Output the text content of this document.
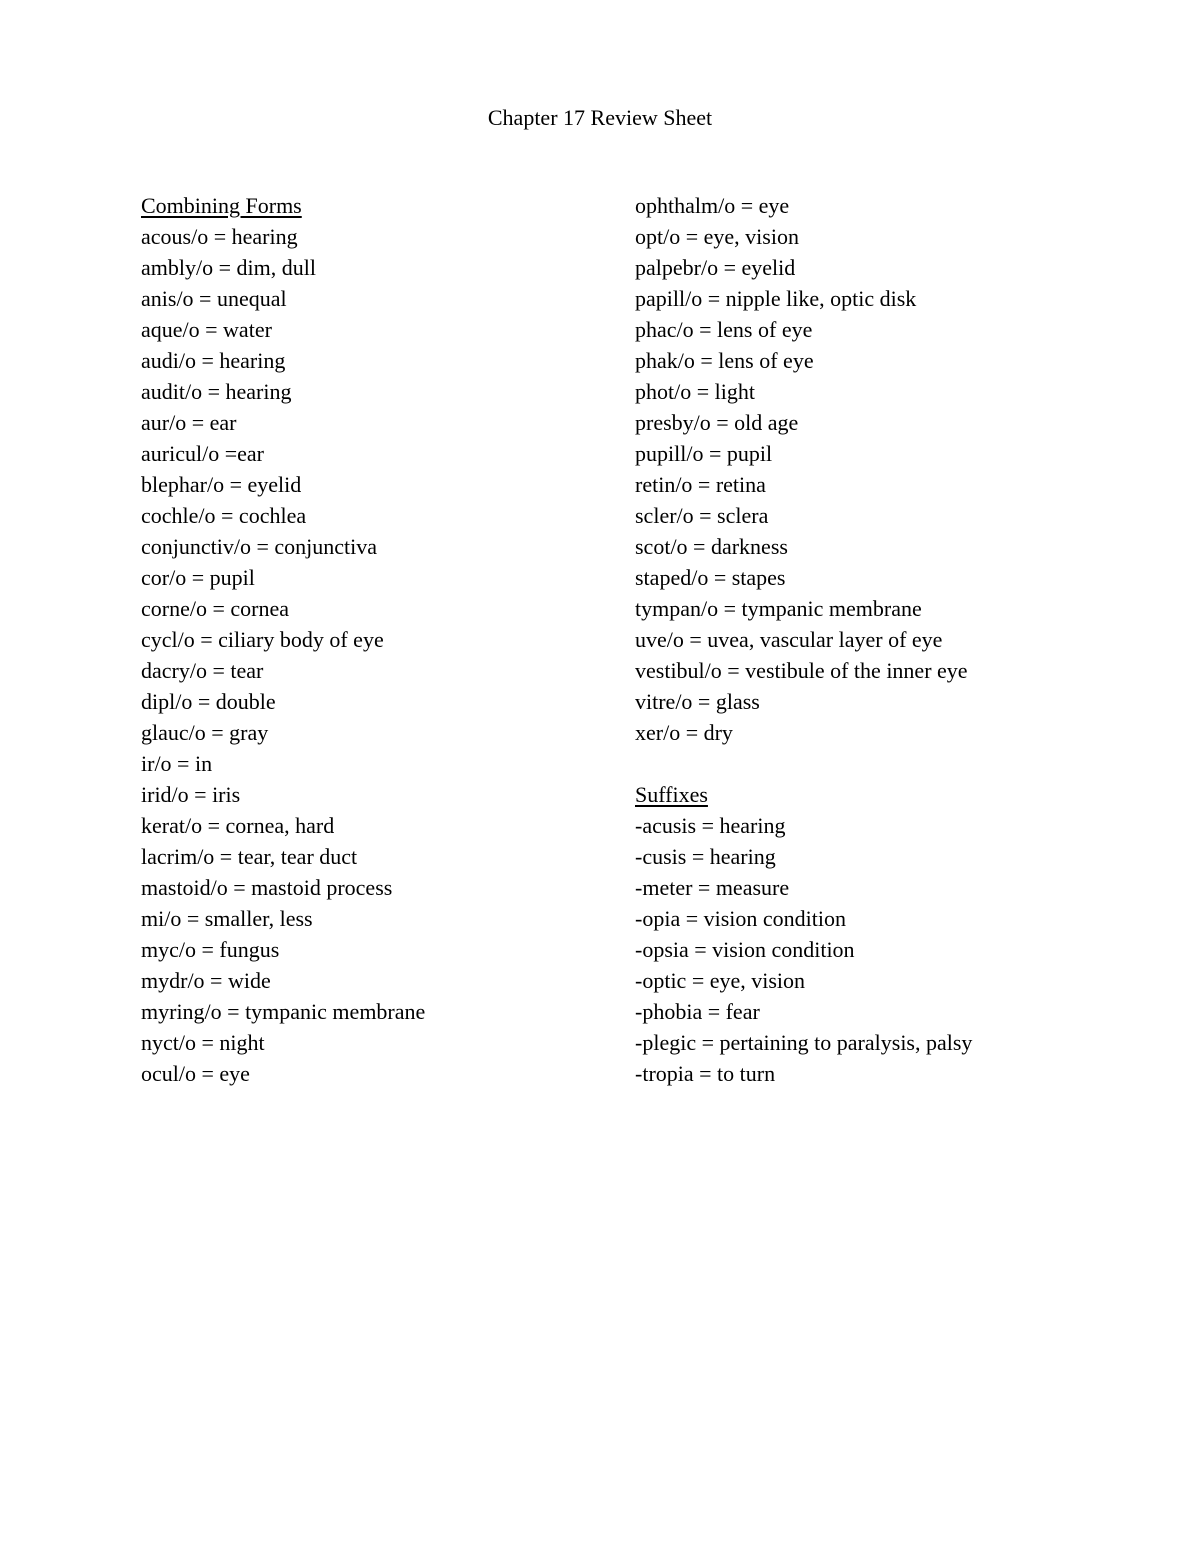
Chapter 17 Review Sheet
Combining Forms
acous/o = hearing
ambly/o = dim, dull
anis/o = unequal
aque/o = water
audi/o = hearing
audit/o = hearing
aur/o = ear
auricul/o =ear
blephar/o = eyelid
cochle/o = cochlea
conjunctiv/o = conjunctiva
cor/o = pupil
corne/o = cornea
cycl/o = ciliary body of eye
dacry/o = tear
dipl/o = double
glauc/o = gray
ir/o = in
irid/o = iris
kerat/o = cornea, hard
lacrim/o = tear, tear duct
mastoid/o = mastoid process
mi/o = smaller, less
myc/o = fungus
mydr/o = wide
myring/o = tympanic membrane
nyct/o = night
ocul/o = eye
ophthalm/o = eye
opt/o = eye, vision
palpebr/o = eyelid
papill/o = nipple like, optic disk
phac/o = lens of eye
phak/o = lens of eye
phot/o = light
presby/o = old age
pupill/o = pupil
retin/o = retina
scler/o = sclera
scot/o = darkness
staped/o = stapes
tympan/o = tympanic membrane
uve/o = uvea, vascular layer of eye
vestibul/o = vestibule of the inner eye
vitre/o = glass
xer/o = dry
Suffixes
-acusis = hearing
-cusis = hearing
-meter = measure
-opia = vision condition
-opsia = vision condition
-optic = eye, vision
-phobia = fear
-plegic = pertaining to paralysis, palsy
-tropia = to turn
